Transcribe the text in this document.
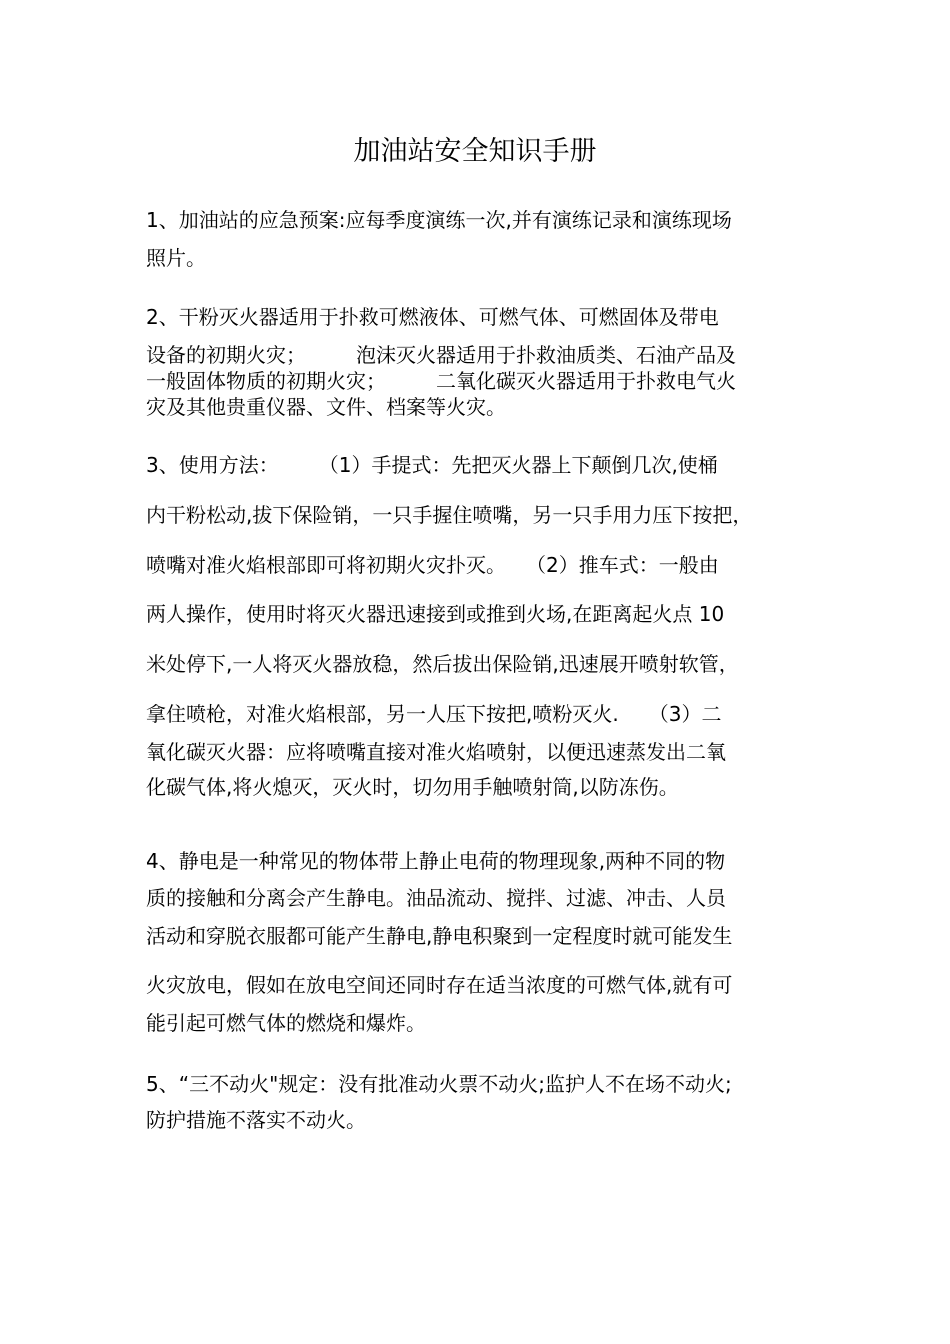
加油站安全知识手册
1、加油站的应急预案:应每季度演练一次,并有演练记录和演练现场
照片。
2、干粉灭火器适用于扑救可燃液体、可燃气体、可燃固体及带电
设备的初期火灾；　　　泡沫灭火器适用于扑救油质类、石油产品及
一般固体物质的初期火灾；　　　二氧化碳灭火器适用于扑救电气火
灾及其他贵重仪器、文件、档案等火灾。
3、使用方法：　　　（1）手提式：先把灭火器上下颠倒几次,使桶
内干粉松动,拔下保险销，一只手握住喷嘴，另一只手用力压下按把，
喷嘴对准火焰根部即可将初期火灾扑灭。　　（2）推车式：一般由
两人操作，使用时将灭火器迅速接到或推到火场,在距离起火点 10
米处停下,一人将灭火器放稳，然后拔出保险销,迅速展开喷射软管，
拿住喷枪，对准火焰根部，另一人压下按把,喷粉灭火.　　（3）二
氧化碳灭火器：应将喷嘴直接对准火焰喷射，以便迅速蒸发出二氧
化碳气体,将火熄灭，灭火时，切勿用手触喷射筒,以防冻伤。
4、静电是一种常见的物体带上静止电荷的物理现象,两种不同的物
质的接触和分离会产生静电。油品流动、搅拌、过滤、冲击、人员
活动和穿脱衣服都可能产生静电,静电积聚到一定程度时就可能发生
火灾放电，假如在放电空间还同时存在适当浓度的可燃气体,就有可
能引起可燃气体的燃烧和爆炸。
5、“三不动火"规定：没有批准动火票不动火;监护人不在场不动火;
防护措施不落实不动火。
